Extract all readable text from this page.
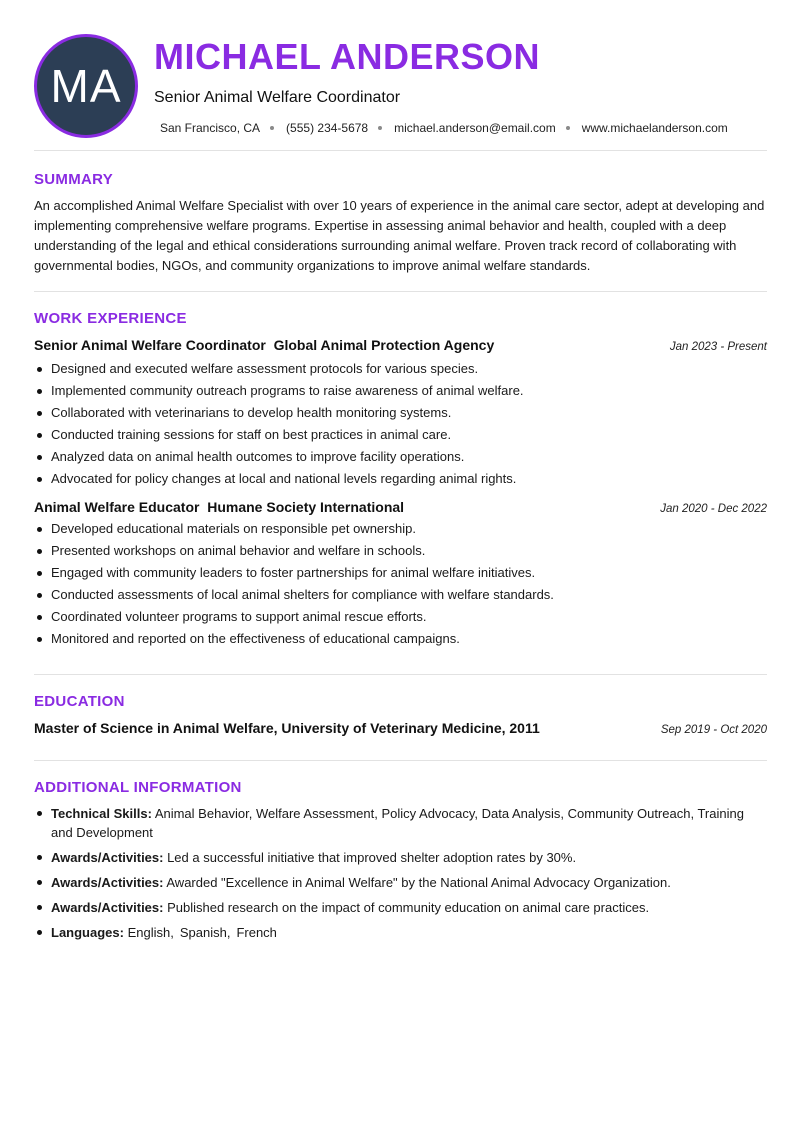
MA
MICHAEL ANDERSON
Senior Animal Welfare Coordinator
San Francisco, CA (555) 234-5678 michael.anderson@email.com www.michaelanderson.com
SUMMARY

An accomplished Animal Welfare Specialist with over 10 years of experience in the animal care sector, adept at developing and implementing comprehensive welfare programs. Expertise in assessing animal behavior and health, coupled with a deep understanding of the legal and ethical considerations surrounding animal welfare. Proven track record of collaborating with governmental bodies, NGOs, and community organizations to improve animal welfare standards.

WORK EXPERIENCE
Senior Animal Welfare Coordinator  Global Animal Protection Agency	Jan 2023 - Present
Designed and executed welfare assessment protocols for various species.
Implemented community outreach programs to raise awareness of animal welfare.
Collaborated with veterinarians to develop health monitoring systems.
Conducted training sessions for staff on best practices in animal care.
Analyzed data on animal health outcomes to improve facility operations.
Advocated for policy changes at local and national levels regarding animal rights.
Animal Welfare Educator  Humane Society International	Jan 2020 - Dec 2022
Developed educational materials on responsible pet ownership.
Presented workshops on animal behavior and welfare in schools.
Engaged with community leaders to foster partnerships for animal welfare initiatives.
Conducted assessments of local animal shelters for compliance with welfare standards.
Coordinated volunteer programs to support animal rescue efforts.
Monitored and reported on the effectiveness of educational campaigns.
EDUCATION
Master of Science in Animal Welfare, University of Veterinary Medicine, 2011	Sep 2019 - Oct 2020
ADDITIONAL INFORMATION
Technical Skills: Animal Behavior, Welfare Assessment, Policy Advocacy, Data Analysis, Community Outreach, Training and Development
Awards/Activities: Led a successful initiative that improved shelter adoption rates by 30%.
Awards/Activities: Awarded "Excellence in Animal Welfare" by the National Animal Advocacy Organization.
Awards/Activities: Published research on the impact of community education on animal care practices.
Languages: English, Spanish, French
